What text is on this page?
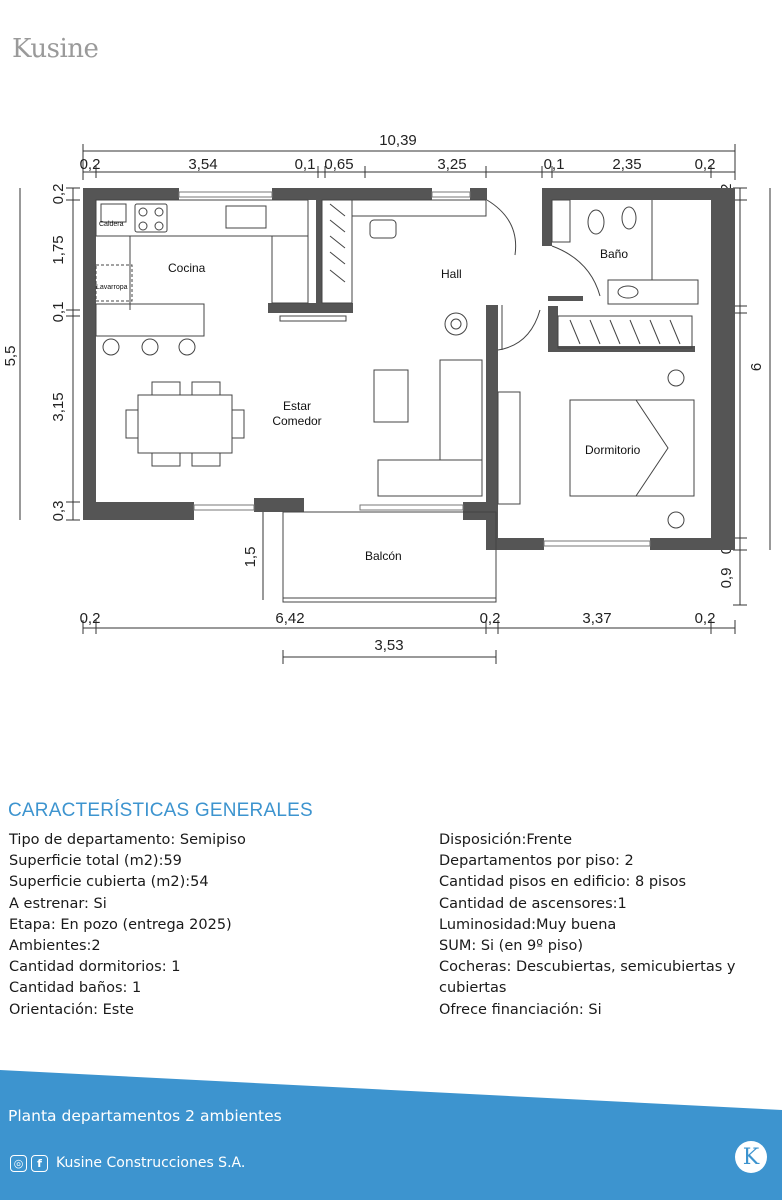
Kusine
10,39
0,2	3,54	0,1 0,65	3,25	0,1	2,35	0,2
5,5
0,2
1,75
0,1
3,15
0,3
1,5
6
0,9
0,2	6,42	0,2	3,37	0,2
3,53
Caldera
Cocina
Lavarropa
Hall
Baño
Estar
Comedor
Dormitorio
Balcón
CARACTERÍSTICAS GENERALES
Tipo de departamento: Semipiso
Superficie total (m2):59
Superficie cubierta (m2):54
A estrenar: Si
Etapa: En pozo (entrega 2025)
Ambientes:2
Cantidad dormitorios: 1
Cantidad baños: 1
Orientación: Este
Disposición:Frente
Departamentos por piso: 2
Cantidad pisos en edificio: 8 pisos
Cantidad de ascensores:1
Luminosidad:Muy buena
SUM: Si (en 9º piso)
Cocheras: Descubiertas, semicubiertas y cubiertas
Ofrece financiación: Si
Planta departamentos 2 ambientes
◎	f	Kusine Construcciones S.A.	K
